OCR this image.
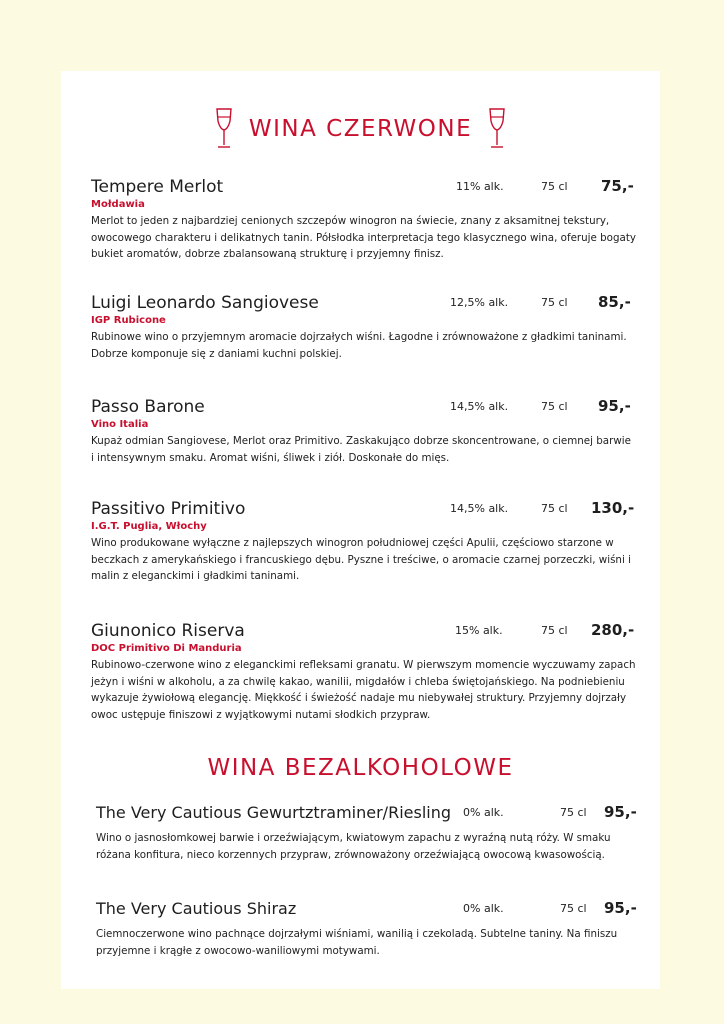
WINA CZERWONE
Tempere Merlot	11% alk.	75 cl 75,-
Mołdawia
Merlot to jeden z najbardziej cenionych szczepów winogron na świecie, znany z aksamitnej tekstury, owocowego charakteru i delikatnych tanin. Półsłodka interpretacja tego klasycznego wina, oferuje bogaty bukiet aromatów, dobrze zbalansowaną strukturę i przyjemny finisz.
Luigi Leonardo Sangiovese	12,5% alk.	75 cl 85,-
IGP Rubicone
Rubinowe wino o przyjemnym aromacie dojrzałych wiśni. Łagodne i zrównoważone z gładkimi taninami. Dobrze komponuje się z daniami kuchni polskiej.
Passo Barone	14,5% alk.	75 cl 95,-
Vino Italia
Kupaż odmian Sangiovese, Merlot oraz Primitivo. Zaskakująco dobrze skoncentrowane, o ciemnej barwie i intensywnym smaku. Aromat wiśni, śliwek i ziół. Doskonałe do mięs.
Passitivo Primitivo	14,5% alk.	75 cl 130,-
I.G.T. Puglia, Włochy
Wino produkowane wyłączne z najlepszych winogron południowej części Apulii, częściowo starzone w beczkach z amerykańskiego i francuskiego dębu. Pyszne i treściwe, o aromacie czarnej porzeczki, wiśni i malin z eleganckimi i gładkimi taninami.
Giunonico Riserva	15% alk.	75 cl 280,-
DOC Primitivo Di Manduria
Rubinowo-czerwone wino z eleganckimi refleksami granatu. W pierwszym momencie wyczuwamy zapach jeżyn i wiśni w alkoholu, a za chwilę kakao, wanilii, migdałów i chleba świętojańskiego. Na podniebieniu wykazuje żywiołową elegancję. Miękkość i świeżość nadaje mu niebywałej struktury. Przyjemny dojrzały owoc ustępuje finiszowi z wyjątkowymi nutami słodkich przypraw.
WINA BEZALKOHOLOWE
The Very Cautious Gewurtztraminer/Riesling 0% alk.	75 cl 95,-
Wino o jasnosłomkowej barwie i orzeźwiającym, kwiatowym zapachu z wyraźną nutą róży. W smaku różana konfitura, nieco korzennych przypraw, zrównoważony orzeźwiającą owocową kwasowością.
The Very Cautious Shiraz	0% alk.	75 cl 95,-
Ciemnoczerwone wino pachnące dojrzałymi wiśniami, wanilią i czekoladą. Subtelne taniny. Na finiszu przyjemne i krągłe z owocowo-waniliowymi motywami.
